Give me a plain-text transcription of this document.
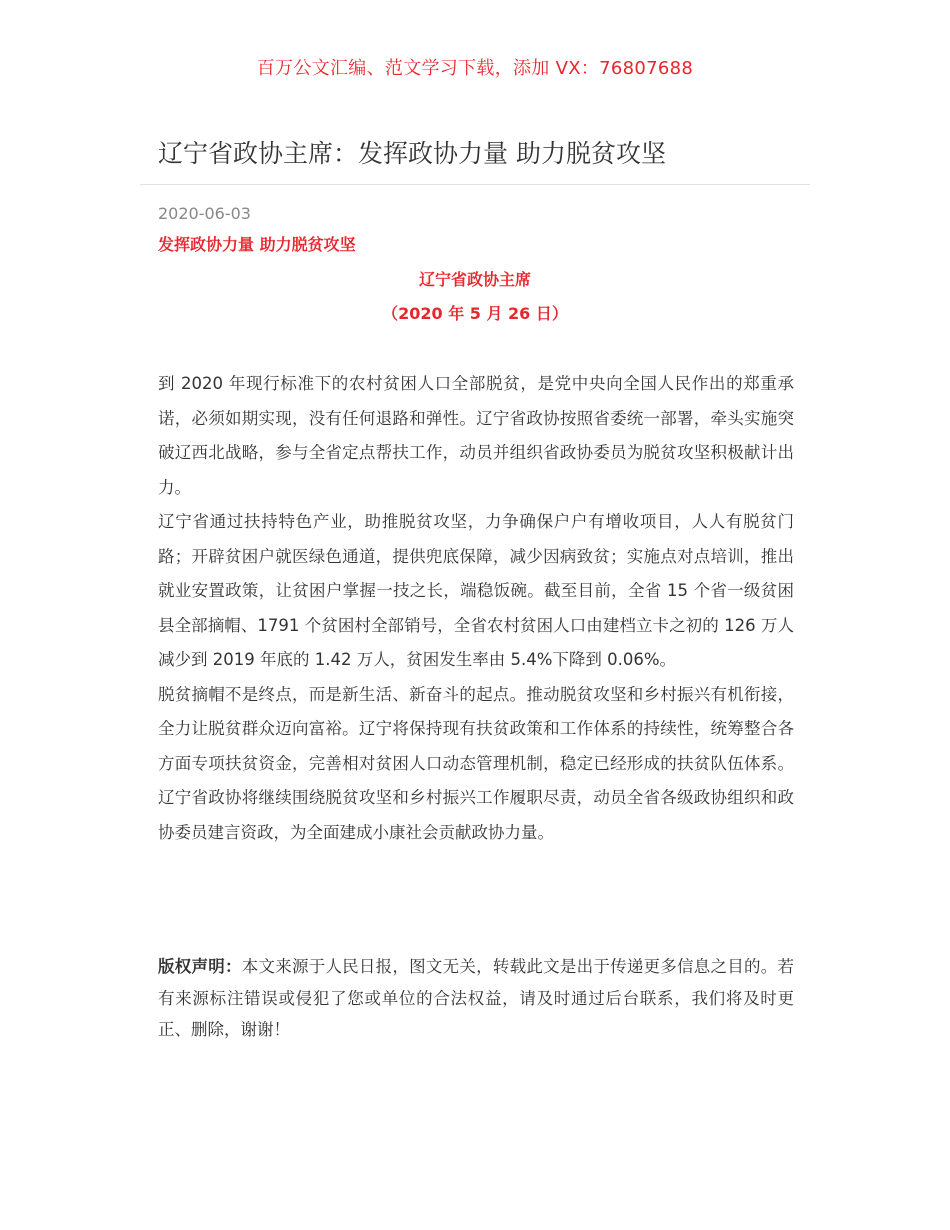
百万公文汇编、范文学习下载，添加 VX：76807688
辽宁省政协主席：发挥政协力量 助力脱贫攻坚
2020-06-03
发挥政协力量 助力脱贫攻坚
辽宁省政协主席
（2020 年 5 月 26 日）

到 2020 年现行标准下的农村贫困人口全部脱贫，是党中央向全国人民作出的郑重承诺，必须如期实现，没有任何退路和弹性。辽宁省政协按照省委统一部署，牵头实施突破辽西北战略，参与全省定点帮扶工作，动员并组织省政协委员为脱贫攻坚积极献计出力。

辽宁省通过扶持特色产业，助推脱贫攻坚，力争确保户户有增收项目，人人有脱贫门路；开辟贫困户就医绿色通道，提供兜底保障，减少因病致贫；实施点对点培训，推出就业安置政策，让贫困户掌握一技之长，端稳饭碗。截至目前，全省 15 个省一级贫困县全部摘帽、1791 个贫困村全部销号，全省农村贫困人口由建档立卡之初的 126 万人减少到 2019 年底的 1.42 万人，贫困发生率由 5.4%下降到 0.06%。

脱贫摘帽不是终点，而是新生活、新奋斗的起点。推动脱贫攻坚和乡村振兴有机衔接，全力让脱贫群众迈向富裕。辽宁将保持现有扶贫政策和工作体系的持续性，统筹整合各方面专项扶贫资金，完善相对贫困人口动态管理机制，稳定已经形成的扶贫队伍体系。辽宁省政协将继续围绕脱贫攻坚和乡村振兴工作履职尽责，动员全省各级政协组织和政协委员建言资政，为全面建成小康社会贡献政协力量。

版权声明：本文来源于人民日报，图文无关，转载此文是出于传递更多信息之目的。若有来源标注错误或侵犯了您或单位的合法权益，请及时通过后台联系，我们将及时更正、删除，谢谢！
